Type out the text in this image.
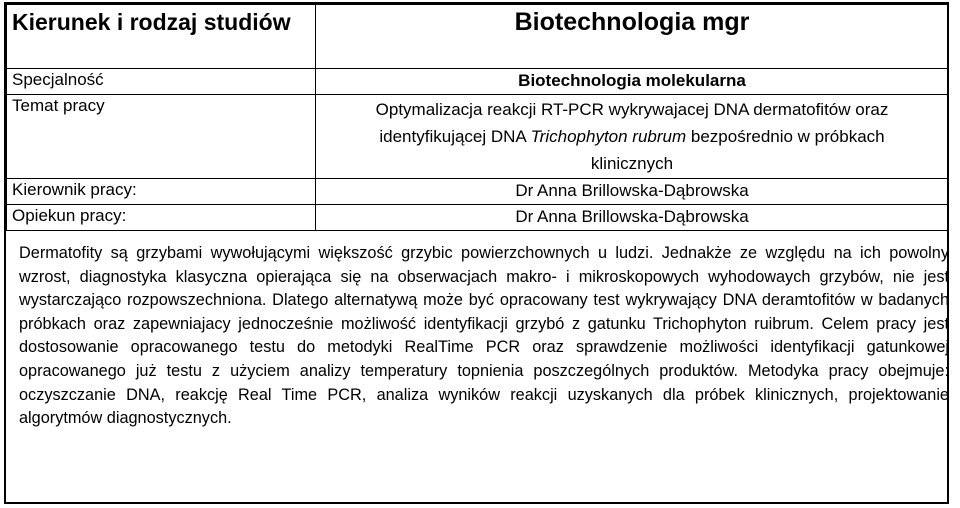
Kierunek i rodzaj studiów	Biotechnologia mgr
Specjalność	Biotechnologia molekularna
Temat pracy	Optymalizacja reakcji RT-PCR wykrywajacej DNA dermatofitów oraz identyfikującej DNA Trichophyton rubrum bezpośrednio w próbkach klinicznych
Kierownik pracy:	Dr Anna Brillowska-Dąbrowska
Opiekun pracy:	Dr Anna Brillowska-Dąbrowska
Dermatofity są grzybami wywołującymi większość grzybic powierzchownych u ludzi. Jednakże ze względu na ich powolny wzrost, diagnostyka klasyczna opierająca się na obserwacjach makro- i mikroskopowych wyhodowaych grzybów, nie jest wystarczająco rozpowszechniona. Dlatego alternatywą może być opracowany test wykrywający DNA deramtofitów w badanych próbkach oraz zapewniajacy jednocześnie możliwość identyfikacji grzybó z gatunku Trichophyton ruibrum. Celem pracy jest dostosowanie opracowanego testu do metodyki RealTime PCR oraz sprawdzenie możliwości identyfikacji gatunkowej opracowanego już testu z użyciem analizy temperatury topnienia poszczególnych produktów. Metodyka pracy obejmuje: oczyszczanie DNA, reakcję Real Time PCR, analiza wyników reakcji uzyskanych dla próbek klinicznych, projektowanie algorytmów diagnostycznych.
